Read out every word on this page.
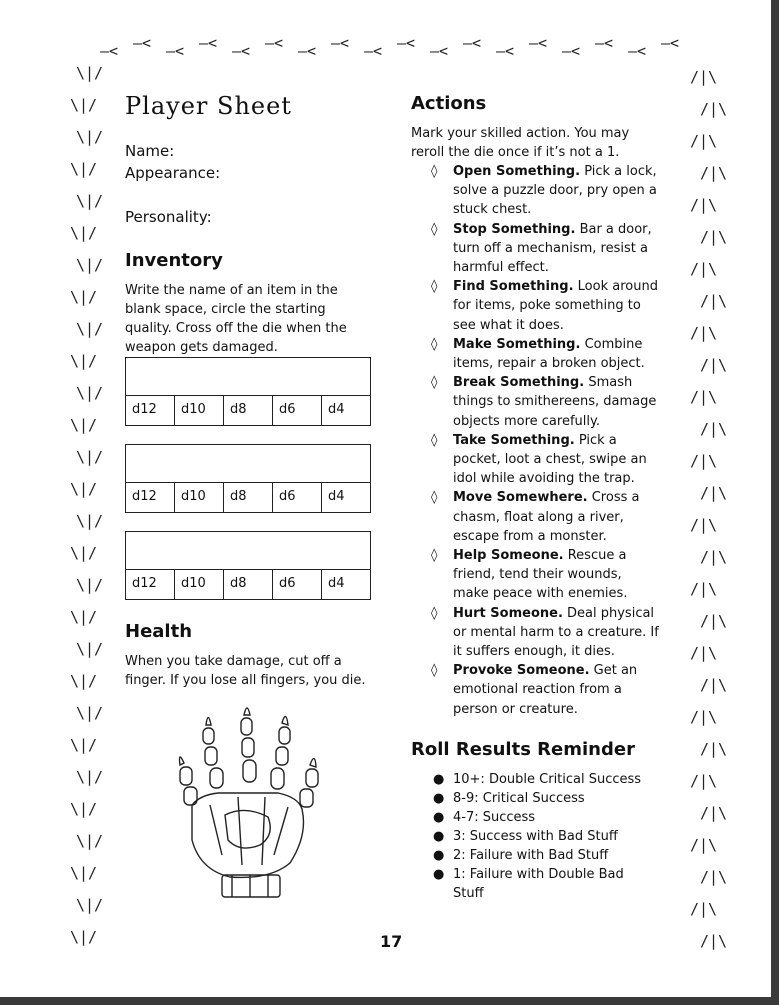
—< —< —< —< —< —< —< —< —< —< —< —< —< —< —< —< —< —<
\|/
\|/
\|/
\|/
\|/
\|/
\|/
\|/
\|/
\|/
\|/
\|/
\|/
\|/
\|/
\|/
\|/
\|/
\|/
\|/
\|/
\|/
\|/
\|/
\|/
\|/
\|/
\|/
/|\
/|\
/|\
/|\
/|\
/|\
/|\
/|\
/|\
/|\
/|\
/|\
/|\
/|\
/|\
/|\
/|\
/|\
/|\
/|\
/|\
/|\
/|\
/|\
/|\
/|\
/|\
/|\
Player Sheet
Name:
Appearance:
Personality:
Inventory

Write the name of an item in the blank space, circle the starting quality. Cross off the die when the weapon gets damaged.

d12	d10	d8	d6	d4
d12	d10	d8	d6	d4
d12	d10	d8	d6	d4
Health

When you take damage, cut off a finger. If you lose all fingers, you die.

Actions

Mark your skilled action. You may reroll the die once if it’s not a 1.

◊ Open Something. Pick a lock, solve a puzzle door, pry open a stuck chest.
◊ Stop Something. Bar a door, turn off a mechanism, resist a harmful effect.
◊ Find Something. Look around for items, poke something to see what it does.
◊ Make Something. Combine items, repair a broken object.
◊ Break Something. Smash things to smithereens, damage objects more carefully.
◊ Take Something. Pick a pocket, loot a chest, swipe an idol while avoiding the trap.
◊ Move Somewhere. Cross a chasm, float along a river, escape from a monster.
◊ Help Someone. Rescue a friend, tend their wounds, make peace with enemies.
◊ Hurt Someone. Deal physical or mental harm to a creature. If it suffers enough, it dies.
◊ Provoke Someone. Get an emotional reaction from a person or creature.
Roll Results Reminder
● 10+: Double Critical Success
● 8-9: Critical Success
● 4-7: Success
● 3: Success with Bad Stuff
● 2: Failure with Bad Stuff
● 1: Failure with Double Bad Stuff
17
